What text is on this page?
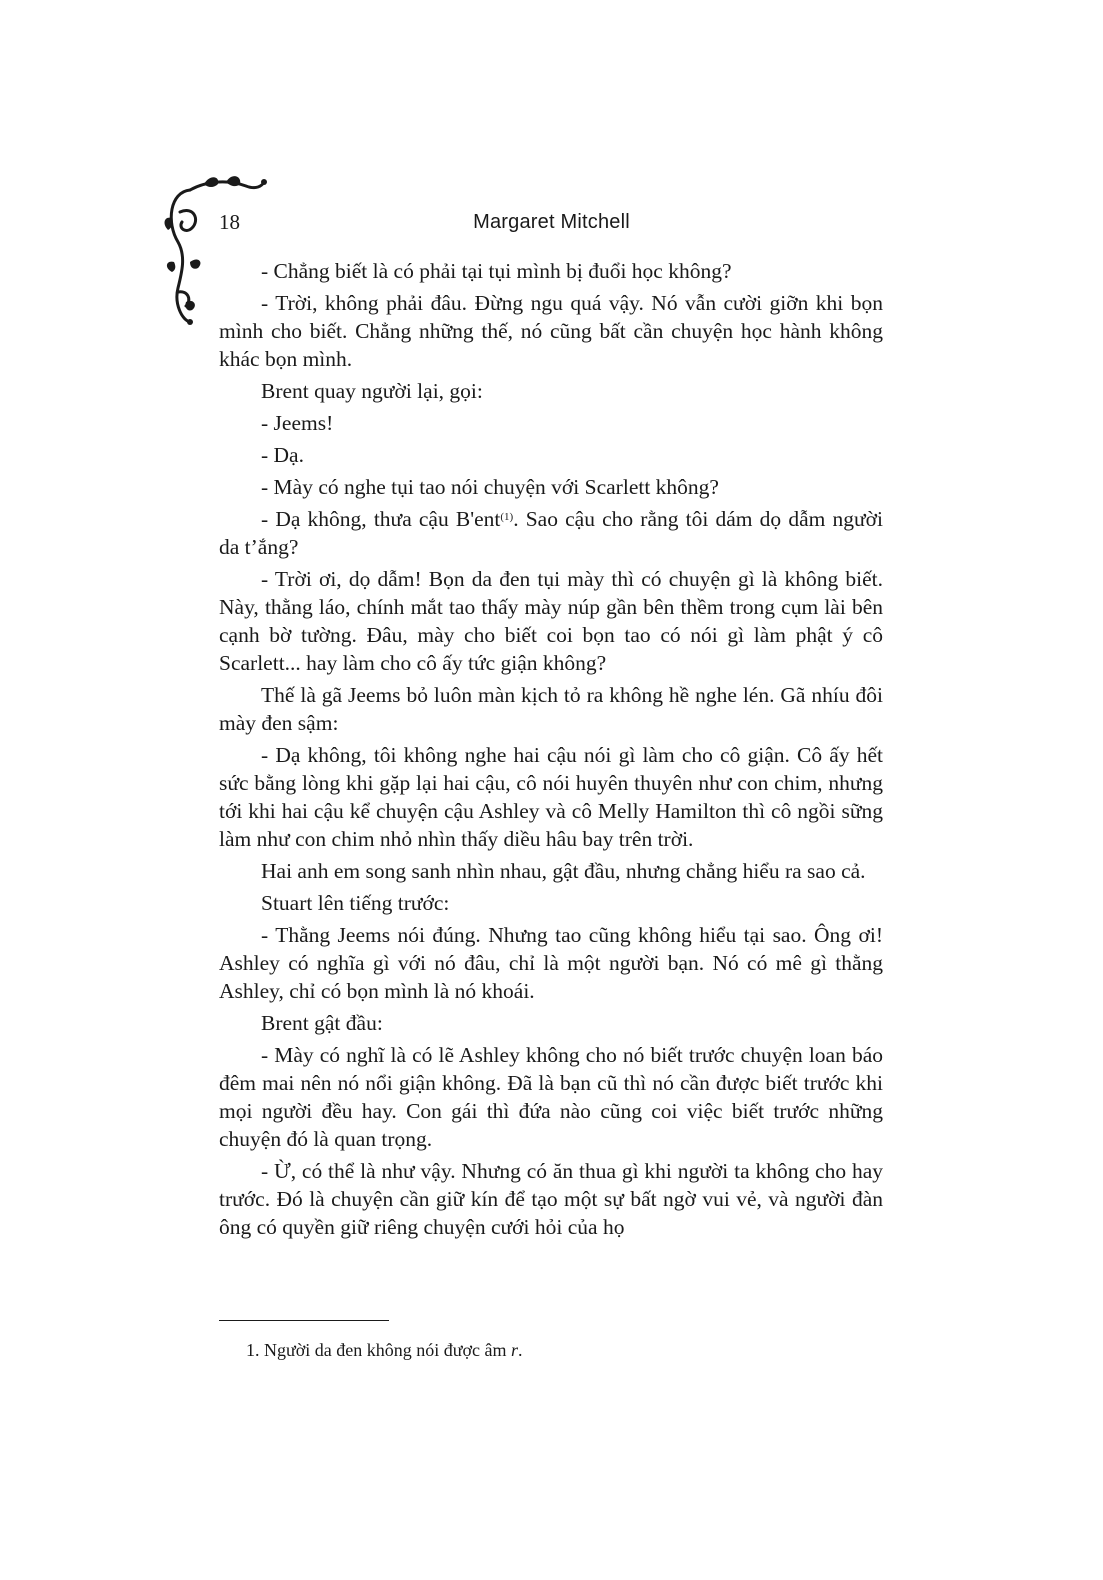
18	Margaret Mitchell

- Chẳng biết là có phải tại tụi mình bị đuổi học không?

- Trời, không phải đâu. Đừng ngu quá vậy. Nó vẫn cười giỡn khi bọn mình cho biết. Chẳng những thế, nó cũng bất cần chuyện học hành không khác bọn mình.

Brent quay người lại, gọi:

- Jeems!

- Dạ.

- Mày có nghe tụi tao nói chuyện với Scarlett không?

- Dạ không, thưa cậu B'ent$^{(1)}$. Sao cậu cho rằng tôi dám dọ dẫm người da t’ắng?

- Trời ơi, dọ dẫm! Bọn da đen tụi mày thì có chuyện gì là không biết. Này, thằng láo, chính mắt tao thấy mày núp gần bên thềm trong cụm lài bên cạnh bờ tường. Đâu, mày cho biết coi bọn tao có nói gì làm phật ý cô Scarlett... hay làm cho cô ấy tức giận không?

Thế là gã Jeems bỏ luôn màn kịch tỏ ra không hề nghe lén. Gã nhíu đôi mày đen sậm:

- Dạ không, tôi không nghe hai cậu nói gì làm cho cô giận. Cô ấy hết sức bằng lòng khi gặp lại hai cậu, cô nói huyên thuyên như con chim, nhưng tới khi hai cậu kể chuyện cậu Ashley và cô Melly Hamilton thì cô ngồi sững làm như con chim nhỏ nhìn thấy diều hâu bay trên trời.

Hai anh em song sanh nhìn nhau, gật đầu, nhưng chẳng hiểu ra sao cả.

Stuart lên tiếng trước:

- Thằng Jeems nói đúng. Nhưng tao cũng không hiểu tại sao. Ông ơi! Ashley có nghĩa gì với nó đâu, chỉ là một người bạn. Nó có mê gì thằng Ashley, chỉ có bọn mình là nó khoái.

Brent gật đầu:

- Mày có nghĩ là có lẽ Ashley không cho nó biết trước chuyện loan báo đêm mai nên nó nổi giận không. Đã là bạn cũ thì nó cần được biết trước khi mọi người đều hay. Con gái thì đứa nào cũng coi việc biết trước những chuyện đó là quan trọng.

- Ừ, có thể là như vậy. Nhưng có ăn thua gì khi người ta không cho hay trước. Đó là chuyện cần giữ kín để tạo một sự bất ngờ vui vẻ, và người đàn ông có quyền giữ riêng chuyện cưới hỏi của họ

1. Người da đen không nói được âm r.
